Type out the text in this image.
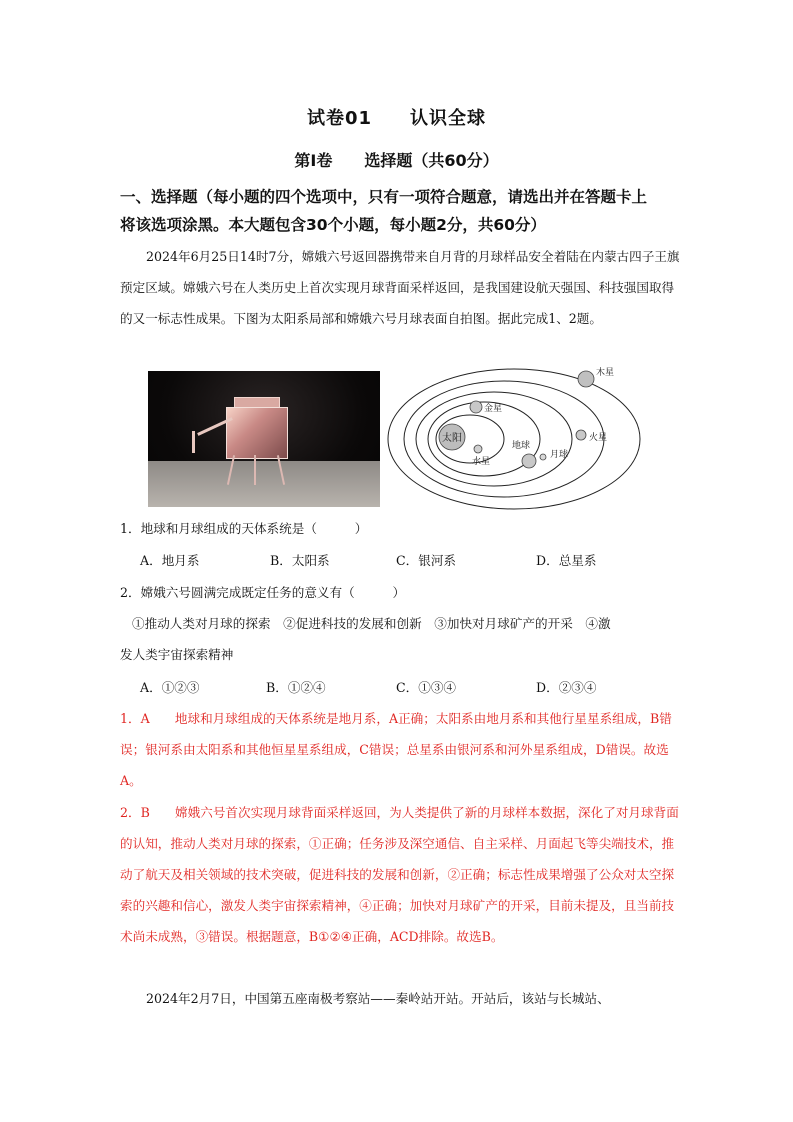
试卷01　　认识全球
第Ⅰ卷　　选择题（共60分）
一、选择题（每小题的四个选项中，只有一项符合题意，请选出并在答题卡上
将该选项涂黑。本大题包含30个小题，每小题2分，共60分）
2024年6月25日14时7分，嫦娥六号返回器携带来自月背的月球样品安全着陆在内蒙古四子王旗预定区域。嫦娥六号在人类历史上首次实现月球背面采样返回，是我国建设航天强国、科技强国取得的又一标志性成果。下图为太阳系局部和嫦娥六号月球表面自拍图。据此完成1、2题。
太阳
水星
金星
地球
月球
火星
木星
1．地球和月球组成的天体系统是（　　　）
A．地月系	B．太阳系	C．银河系	D．总星系
2．嫦娥六号圆满完成既定任务的意义有（　　　）
①推动人类对月球的探索　②促进科技的发展和创新　③加快对月球矿产的开采　④激
发人类宇宙探索精神
A．①②③	B．①②④	C．①③④	D．②③④
1．A　　地球和月球组成的天体系统是地月系，A正确；太阳系由地月系和其他行星星系组成，B错误；银河系由太阳系和其他恒星星系组成，C错误；总星系由银河系和河外星系组成，D错误。故选A。
2．B　　嫦娥六号首次实现月球背面采样返回，为人类提供了新的月球样本数据，深化了对月球背面的认知，推动人类对月球的探索，①正确；任务涉及深空通信、自主采样、月面起飞等尖端技术，推动了航天及相关领域的技术突破，促进科技的发展和创新，②正确；标志性成果增强了公众对太空探索的兴趣和信心，激发人类宇宙探索精神，④正确；加快对月球矿产的开采，目前未提及，且当前技术尚未成熟，③错误。根据题意，B①②④正确，ACD排除。故选B。
2024年2月7日，中国第五座南极考察站——秦岭站开站。开站后，该站与长城站、
